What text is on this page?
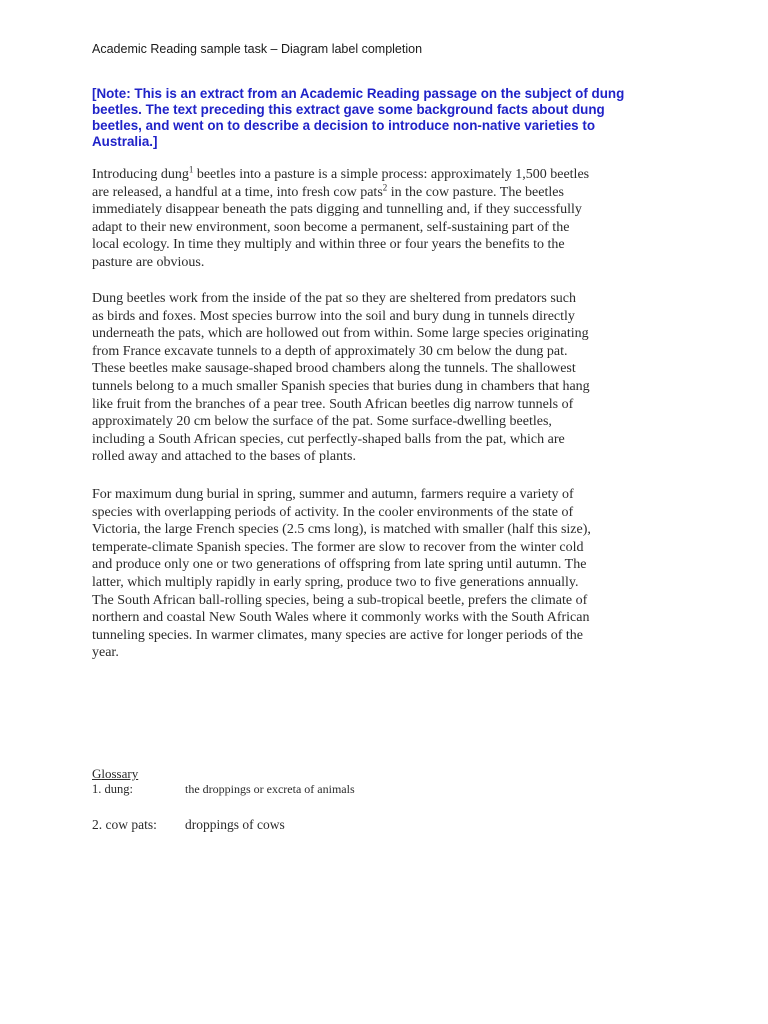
Academic Reading sample task – Diagram label completion
[Note: This is an extract from an Academic Reading passage on the subject of dung
beetles. The text preceding this extract gave some background facts about dung
beetles, and went on to describe a decision to introduce non-native varieties to
Australia.]
Introducing dung$^1$ beetles into a pasture is a simple process: approximately 1,500 beetles
are released, a handful at a time, into fresh cow pats$^2$ in the cow pasture. The beetles
immediately disappear beneath the pats digging and tunnelling and, if they successfully
adapt to their new environment, soon become a permanent, self-sustaining part of the
local ecology. In time they multiply and within three or four years the benefits to the
pasture are obvious.
Dung beetles work from the inside of the pat so they are sheltered from predators such
as birds and foxes. Most species burrow into the soil and bury dung in tunnels directly
underneath the pats, which are hollowed out from within. Some large species originating
from France excavate tunnels to a depth of approximately 30 cm below the dung pat.
These beetles make sausage-shaped brood chambers along the tunnels. The shallowest
tunnels belong to a much smaller Spanish species that buries dung in chambers that hang
like fruit from the branches of a pear tree. South African beetles dig narrow tunnels of
approximately 20 cm below the surface of the pat. Some surface-dwelling beetles,
including a South African species, cut perfectly-shaped balls from the pat, which are
rolled away and attached to the bases of plants.
For maximum dung burial in spring, summer and autumn, farmers require a variety of
species with overlapping periods of activity. In the cooler environments of the state of
Victoria, the large French species (2.5 cms long), is matched with smaller (half this size),
temperate-climate Spanish species. The former are slow to recover from the winter cold
and produce only one or two generations of offspring from late spring until autumn. The
latter, which multiply rapidly in early spring, produce two to five generations annually.
The South African ball-rolling species, being a sub-tropical beetle, prefers the climate of
northern and coastal New South Wales where it commonly works with the South African
tunneling species. In warmer climates, many species are active for longer periods of the
year.
Glossary
1. dung:	the droppings or excreta of animals
2. cow pats: droppings of cows
